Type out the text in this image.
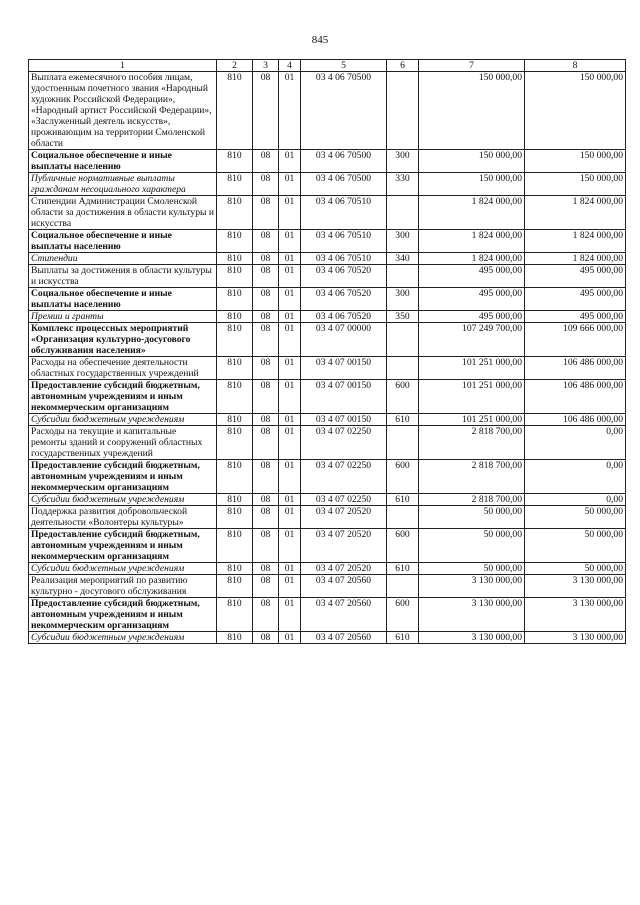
845
1	2	3	4	5	6	7	8
Выплата ежемесячного пособия лицам, удостоенным почетного звания «Народный художник Российской Федерации», «Народный артист Российской Федерации», «Заслуженный деятель искусств», проживающим на территории Смоленской области	810	08	01	03 4 06 70500		150 000,00	150 000,00
Социальное обеспечение и иные выплаты населению	810	08	01	03 4 06 70500	300	150 000,00	150 000,00
Публичные нормативные выплаты гражданам несоциального характера	810	08	01	03 4 06 70500	330	150 000,00	150 000,00
Стипендии Администрации Смоленской области за достижения в области культуры и искусства	810	08	01	03 4 06 70510		1 824 000,00	1 824 000,00
Социальное обеспечение и иные выплаты населению	810	08	01	03 4 06 70510	300	1 824 000,00	1 824 000,00
Стипендии	810	08	01	03 4 06 70510	340	1 824 000,00	1 824 000,00
Выплаты за достижения в области культуры и искусства	810	08	01	03 4 06 70520		495 000,00	495 000,00
Социальное обеспечение и иные выплаты населению	810	08	01	03 4 06 70520	300	495 000,00	495 000,00
Премии и гранты	810	08	01	03 4 06 70520	350	495 000,00	495 000,00
Комплекс процессных мероприятий «Организация культурно-досугового обслуживания населения»	810	08	01	03 4 07 00000		107 249 700,00	109 666 000,00
Расходы на обеспечение деятельности областных государственных учреждений	810	08	01	03 4 07 00150		101 251 000,00	106 486 000,00
Предоставление субсидий бюджетным, автономным учреждениям и иным некоммерческим организациям	810	08	01	03 4 07 00150	600	101 251 000,00	106 486 000,00
Субсидии бюджетным учреждениям	810	08	01	03 4 07 00150	610	101 251 000,00	106 486 000,00
Расходы на текущие и капитальные ремонты зданий и сооружений областных государственных учреждений	810	08	01	03 4 07 02250		2 818 700,00	0,00
Предоставление субсидий бюджетным, автономным учреждениям и иным некоммерческим организациям	810	08	01	03 4 07 02250	600	2 818 700,00	0,00
Субсидии бюджетным учреждениям	810	08	01	03 4 07 02250	610	2 818 700,00	0,00
Поддержка развития добровольческой деятельности «Волонтеры культуры»	810	08	01	03 4 07 20520		50 000,00	50 000,00
Предоставление субсидий бюджетным, автономным учреждениям и иным некоммерческим организациям	810	08	01	03 4 07 20520	600	50 000,00	50 000,00
Субсидии бюджетным учреждениям	810	08	01	03 4 07 20520	610	50 000,00	50 000,00
Реализация мероприятий по развитию культурно - досугового обслуживания	810	08	01	03 4 07 20560		3 130 000,00	3 130 000,00
Предоставление субсидий бюджетным, автономным учреждениям и иным некоммерческим организациям	810	08	01	03 4 07 20560	600	3 130 000,00	3 130 000,00
Субсидии бюджетным учреждениям	810	08	01	03 4 07 20560	610	3 130 000,00	3 130 000,00
